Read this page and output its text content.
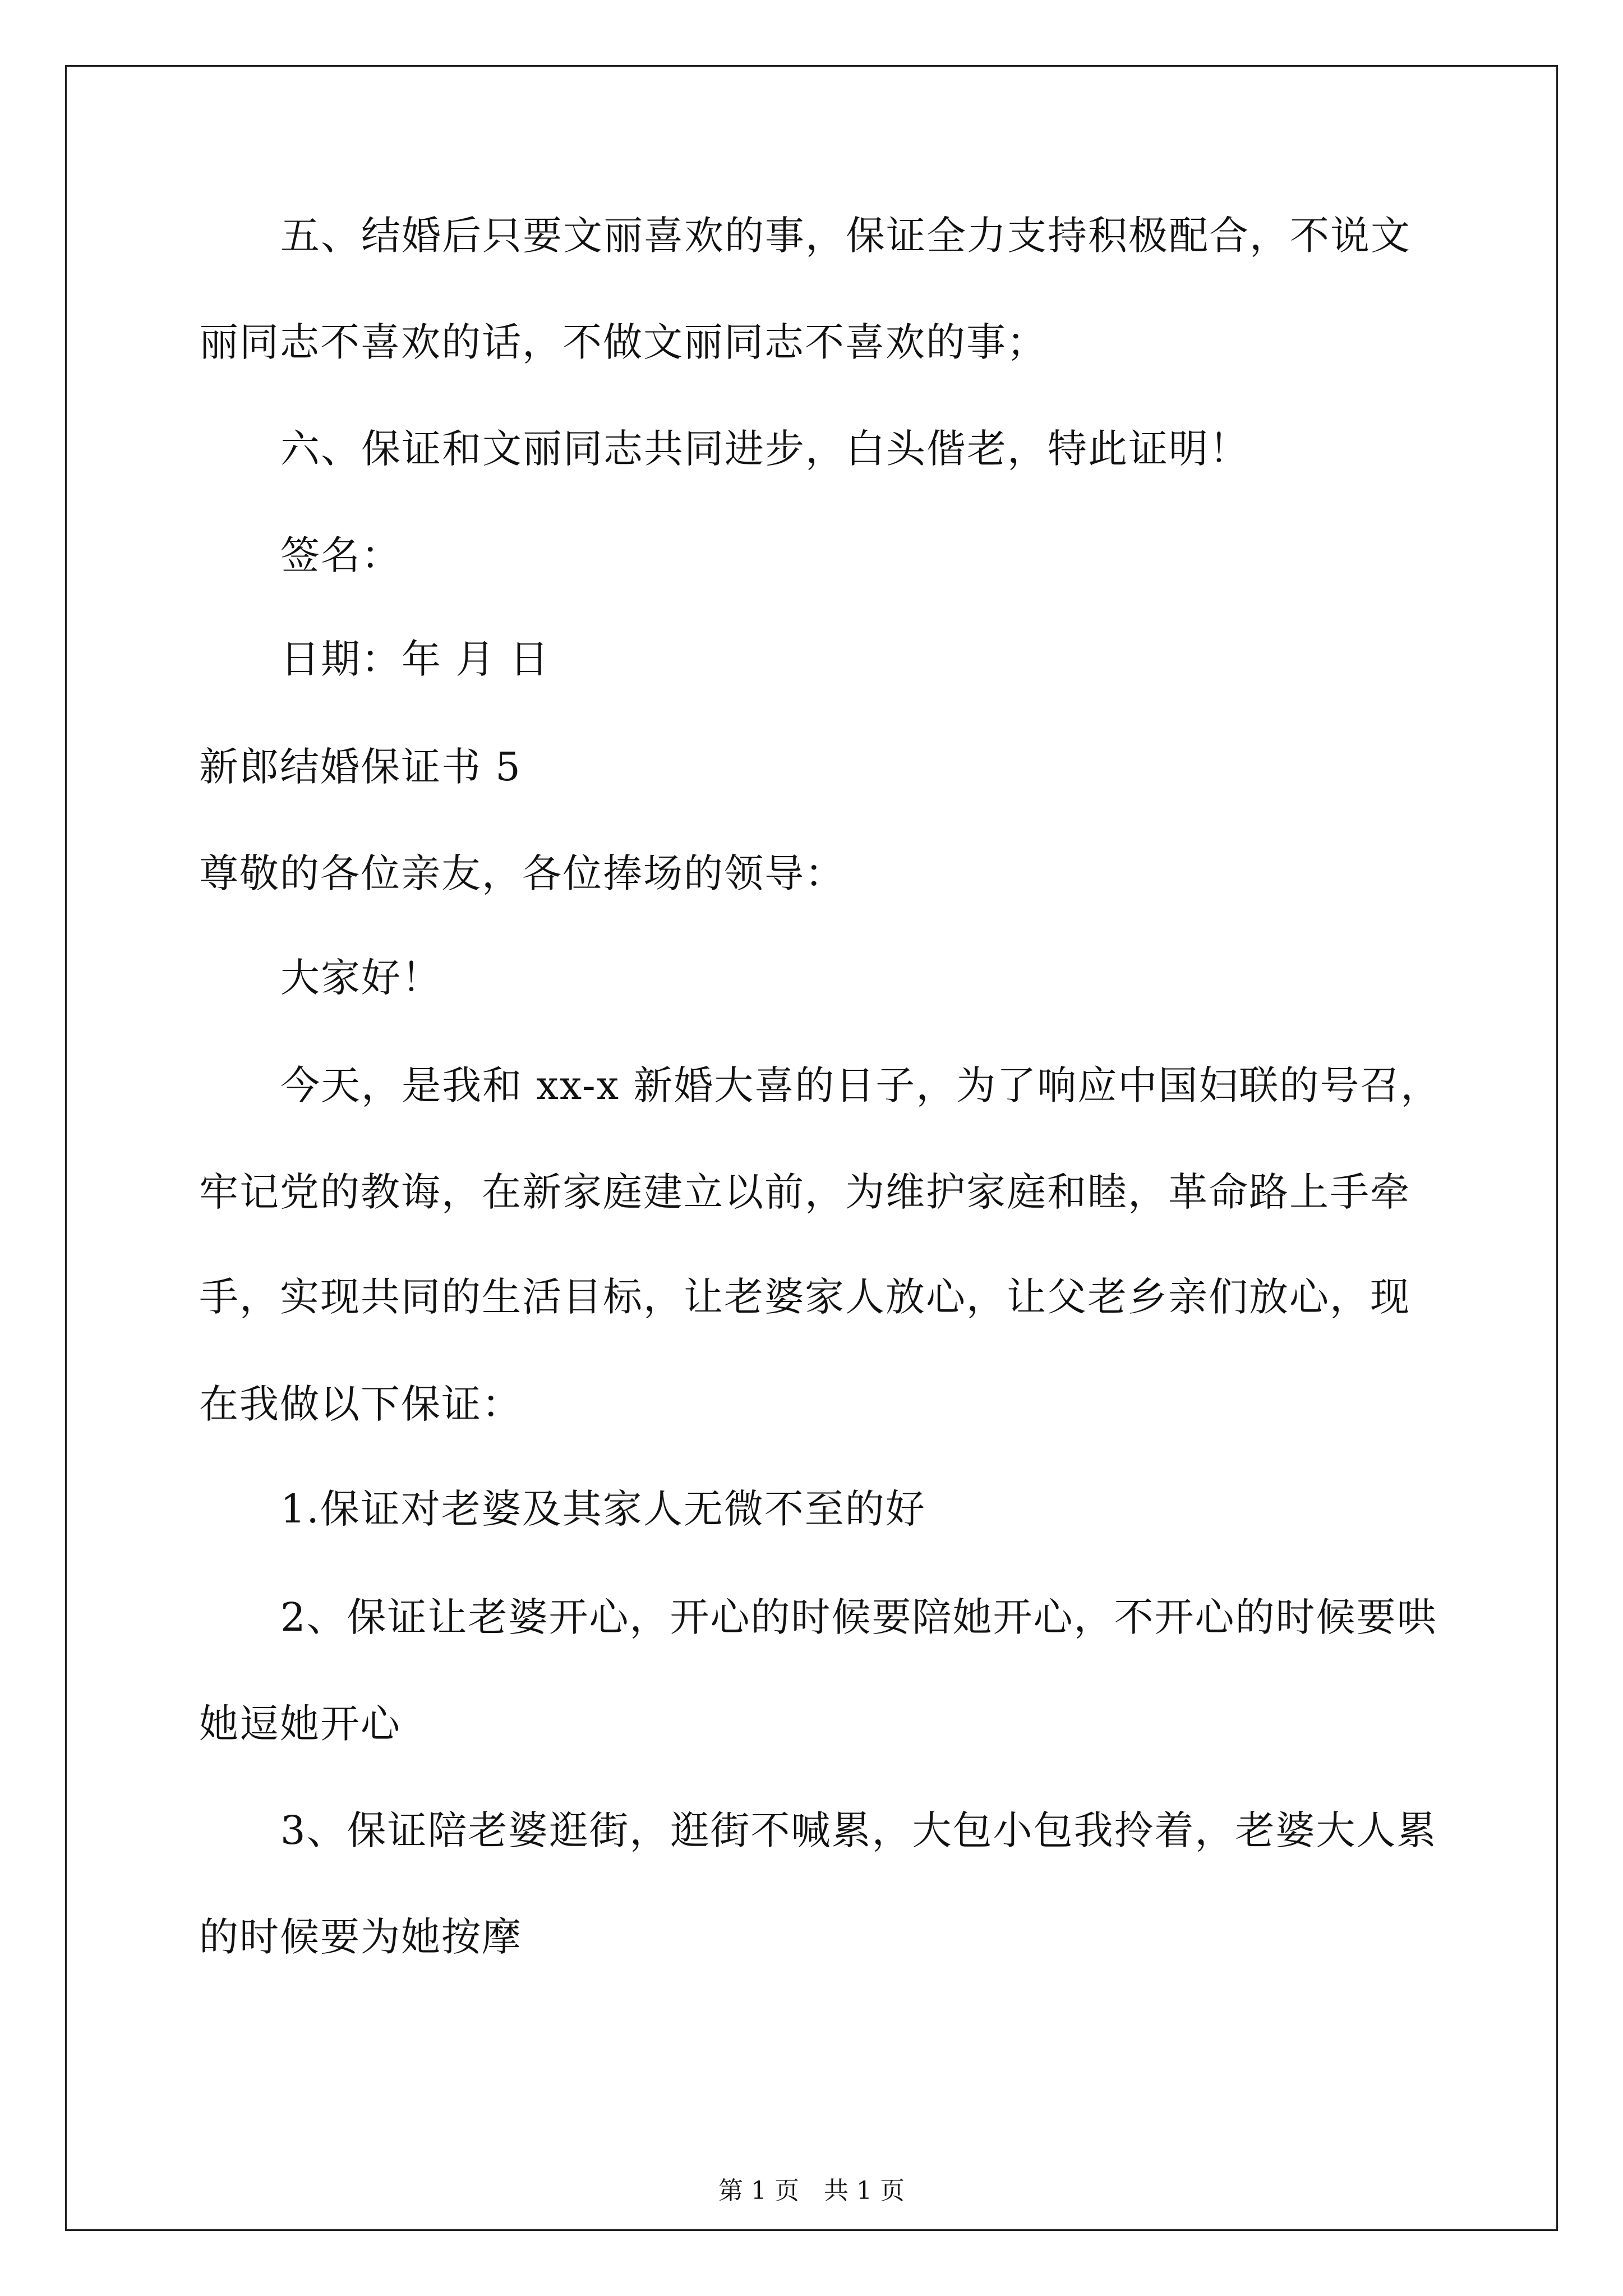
五、结婚后只要文丽喜欢的事，保证全力支持积极配合，不说文
丽同志不喜欢的话，不做文丽同志不喜欢的事；
六、保证和文丽同志共同进步，白头偕老，特此证明！
签名：
日期：年 月 日
新郎结婚保证书 5
尊敬的各位亲友，各位捧场的领导：
大家好！
今天，是我和 xx-x 新婚大喜的日子，为了响应中国妇联的号召，
牢记党的教诲，在新家庭建立以前，为维护家庭和睦，革命路上手牵
手，实现共同的生活目标，让老婆家人放心，让父老乡亲们放心，现
在我做以下保证：
1.保证对老婆及其家人无微不至的好
2、保证让老婆开心，开心的时候要陪她开心，不开心的时候要哄
她逗她开心
3、保证陪老婆逛街，逛街不喊累，大包小包我拎着，老婆大人累
的时候要为她按摩
第 1 页 共 1 页
